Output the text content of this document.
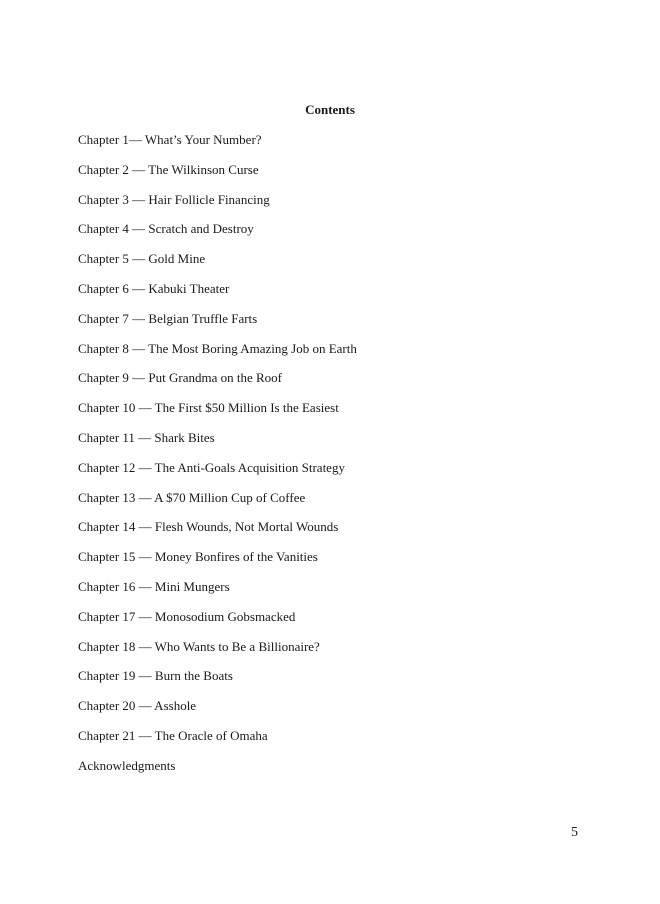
Contents
Chapter 1— What’s Your Number?
Chapter 2 — The Wilkinson Curse
Chapter 3 — Hair Follicle Financing
Chapter 4 — Scratch and Destroy
Chapter 5 — Gold Mine
Chapter 6 — Kabuki Theater
Chapter 7 — Belgian Truffle Farts
Chapter 8 — The Most Boring Amazing Job on Earth
Chapter 9 — Put Grandma on the Roof
Chapter 10 — The First $50 Million Is the Easiest
Chapter 11 — Shark Bites
Chapter 12 — The Anti-Goals Acquisition Strategy
Chapter 13 — A $70 Million Cup of Coffee
Chapter 14 — Flesh Wounds, Not Mortal Wounds
Chapter 15 — Money Bonfires of the Vanities
Chapter 16 — Mini Mungers
Chapter 17 — Monosodium Gobsmacked
Chapter 18 — Who Wants to Be a Billionaire?
Chapter 19 — Burn the Boats
Chapter 20 — Asshole
Chapter 21 — The Oracle of Omaha
Acknowledgments
5
